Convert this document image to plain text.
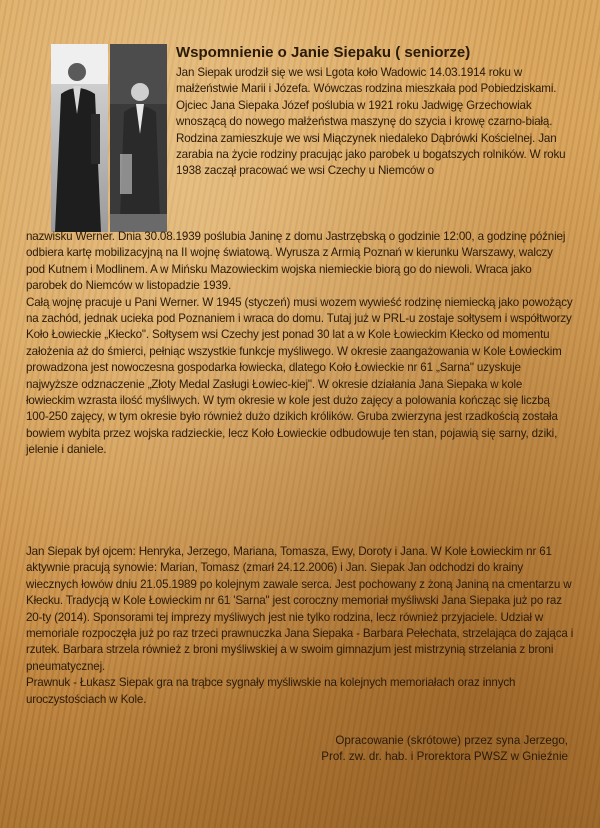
Wspomnienie o Janie Siepaku ( seniorze)

Jan Siepak urodził się we wsi Lgota koło Wadowic 14.03.1914 roku w małżeństwie Marii i Józefa. Wówczas rodzina mieszkała pod Pobiedziskami.

Ojciec Jana Siepaka Józef poślubia w 1921 roku Jadwigę Grzechowiak wnoszącą do nowego małżeństwa maszynę do szycia i krowę czarno-białą.

Rodzina zamieszkuje we wsi Miączynek niedaleko Dąbrówki Kościelnej. Jan zarabia na życie rodziny pracując jako parobek u bogatszych rolników. W roku 1938 zaczął pracować we wsi Czechy u Niemców o

nazwisku Werner. Dnia 30.08.1939 poślubia Janinę z domu Jastrzębską o godzinie 12:00, a godzinę później odbiera kartę mobilizacyjną na II wojnę światową. Wyrusza z Armią Poznań w kierunku Warszawy, walczy pod Kutnem i Modlinem. A w Mińsku Mazowieckim wojska niemieckie biorą go do niewoli. Wraca jako parobek do Niemców w listopadzie 1939.

Całą wojnę pracuje u Pani Werner. W 1945 (styczeń) musi wozem wywieść rodzinę niemiecką jako powożący na zachód, jednak ucieka pod Poznaniem i wraca do domu. Tutaj już w PRL-u zostaje sołtysem i współtworzy Koło Łowieckie „Kłecko". Sołtysem wsi Czechy jest ponad 30 lat a w Kole Łowieckim Kłecko od momentu założenia aż do śmierci, pełniąc wszystkie funkcje myśliwego. W okresie zaangażowania w Kole Łowieckim prowadzona jest nowoczesna gospodarka łowiecka, dlatego Koło Łowieckie nr 61 „Sarna" uzyskuje najwyższe odznaczenie „Złoty Medal Zasługi Łowiec-kiej". W okresie działania Jana Siepaka w kole łowieckim wzrasta ilość myśliwych. W tym okresie w kole jest dużo zajęcy a polowania kończąc się liczbą 100-250 zajęcy, w tym okresie było również dużo dzikich królików. Gruba zwierzyna jest rzadkością została bowiem wybita przez wojska radzieckie, lecz Koło Łowieckie odbudowuje ten stan, pojawią się sarny, dziki, jelenie i daniele.

Jan Siepak był ojcem: Henryka, Jerzego, Mariana, Tomasza, Ewy, Doroty i Jana. W Kole Łowieckim nr 61 aktywnie pracują synowie: Marian, Tomasz (zmarł 24.12.2006) i Jan. Siepak Jan odchodzi do krainy wiecznych łowów dniu 21.05.1989 po kolejnym zawale serca. Jest pochowany z żoną Janiną na cmentarzu w Kłecku. Tradycją w Kole Łowieckim nr 61 'Sarna" jest coroczny memoriał myśliwski Jana Siepaka już po raz 20-ty (2014). Sponsorami tej imprezy myśliwych jest nie tylko rodzina, lecz również przyjaciele. Udział w memoriale rozpoczęła już po raz trzeci prawnuczka Jana Siepaka - Barbara Pełechata, strzelająca do zająca i rzutek. Barbara strzela również z broni myśliwskiej a w swoim gimnazjum jest mistrzynią strzelania z broni pneumatycznej.

Prawnuk - Łukasz Siepak gra na trąbce sygnały myśliwskie na kolejnych memoriałach oraz innych uroczystościach w Kole.

Opracowanie (skrótowe) przez syna Jerzego,

Prof. zw. dr. hab. i Prorektora PWSZ w Gnieźnie
